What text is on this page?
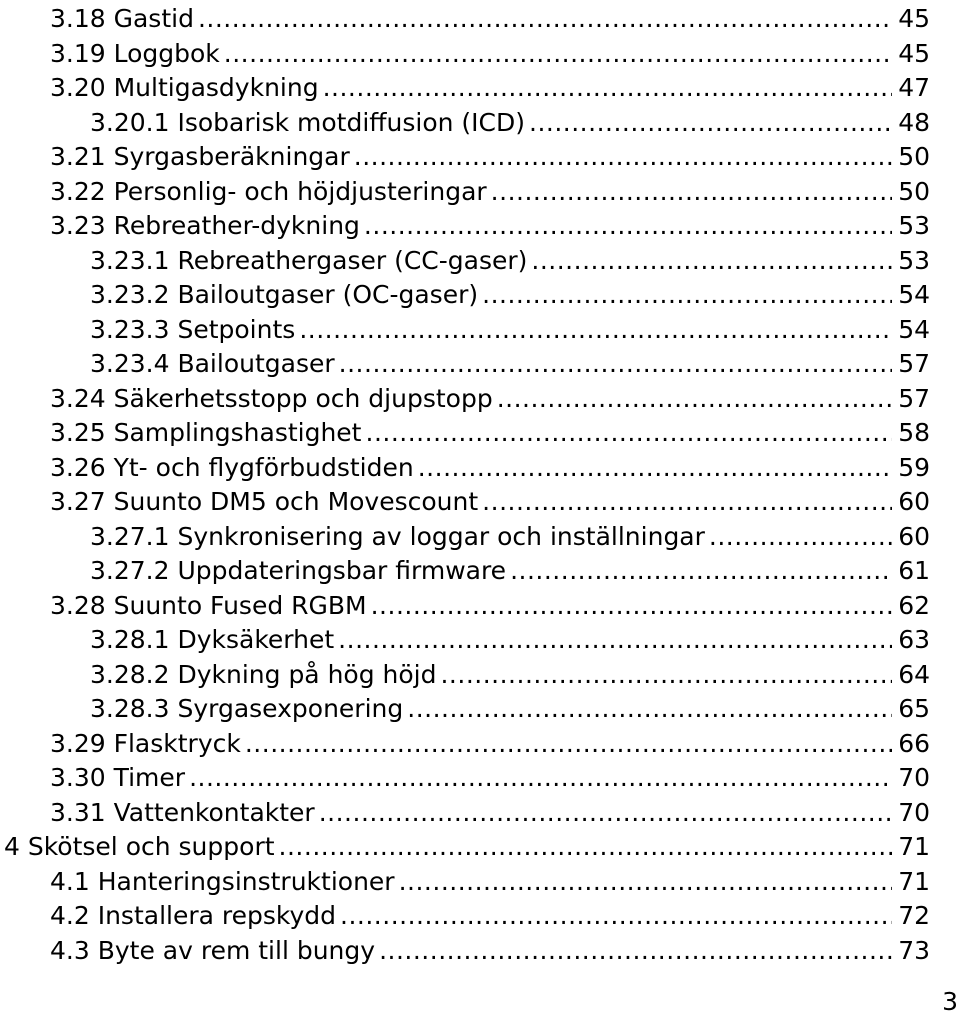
3.18 Gastid .....	45
3.19 Loggbok .....	45
3.20 Multigasdykning .....	47
3.20.1 Isobarisk motdiffusion (ICD) .....	48
3.21 Syrgasberäkningar .....	50
3.22 Personlig- och höjdjusteringar .....	50
3.23 Rebreather-dykning .....	53
3.23.1 Rebreathergaser (CC-gaser) .....	53
3.23.2 Bailoutgaser (OC-gaser) .....	54
3.23.3 Setpoints .....	54
3.23.4 Bailoutgaser .....	57
3.24 Säkerhetsstopp och djupstopp .....	57
3.25 Samplingshastighet .....	58
3.26 Yt- och flygförbudstiden .....	59
3.27 Suunto DM5 och Movescount .....	60
3.27.1 Synkronisering av loggar och inställningar .....	60
3.27.2 Uppdateringsbar firmware .....	61
3.28 Suunto Fused RGBM .....	62
3.28.1 Dyksäkerhet .....	63
3.28.2 Dykning på hög höjd .....	64
3.28.3 Syrgasexponering .....	65
3.29 Flasktryck .....	66
3.30 Timer .....	70
3.31 Vattenkontakter .....	70
4 Skötsel och support .....	71
4.1 Hanteringsinstruktioner .....	71
4.2 Installera repskydd .....	72
4.3 Byte av rem till bungy .....	73
3
